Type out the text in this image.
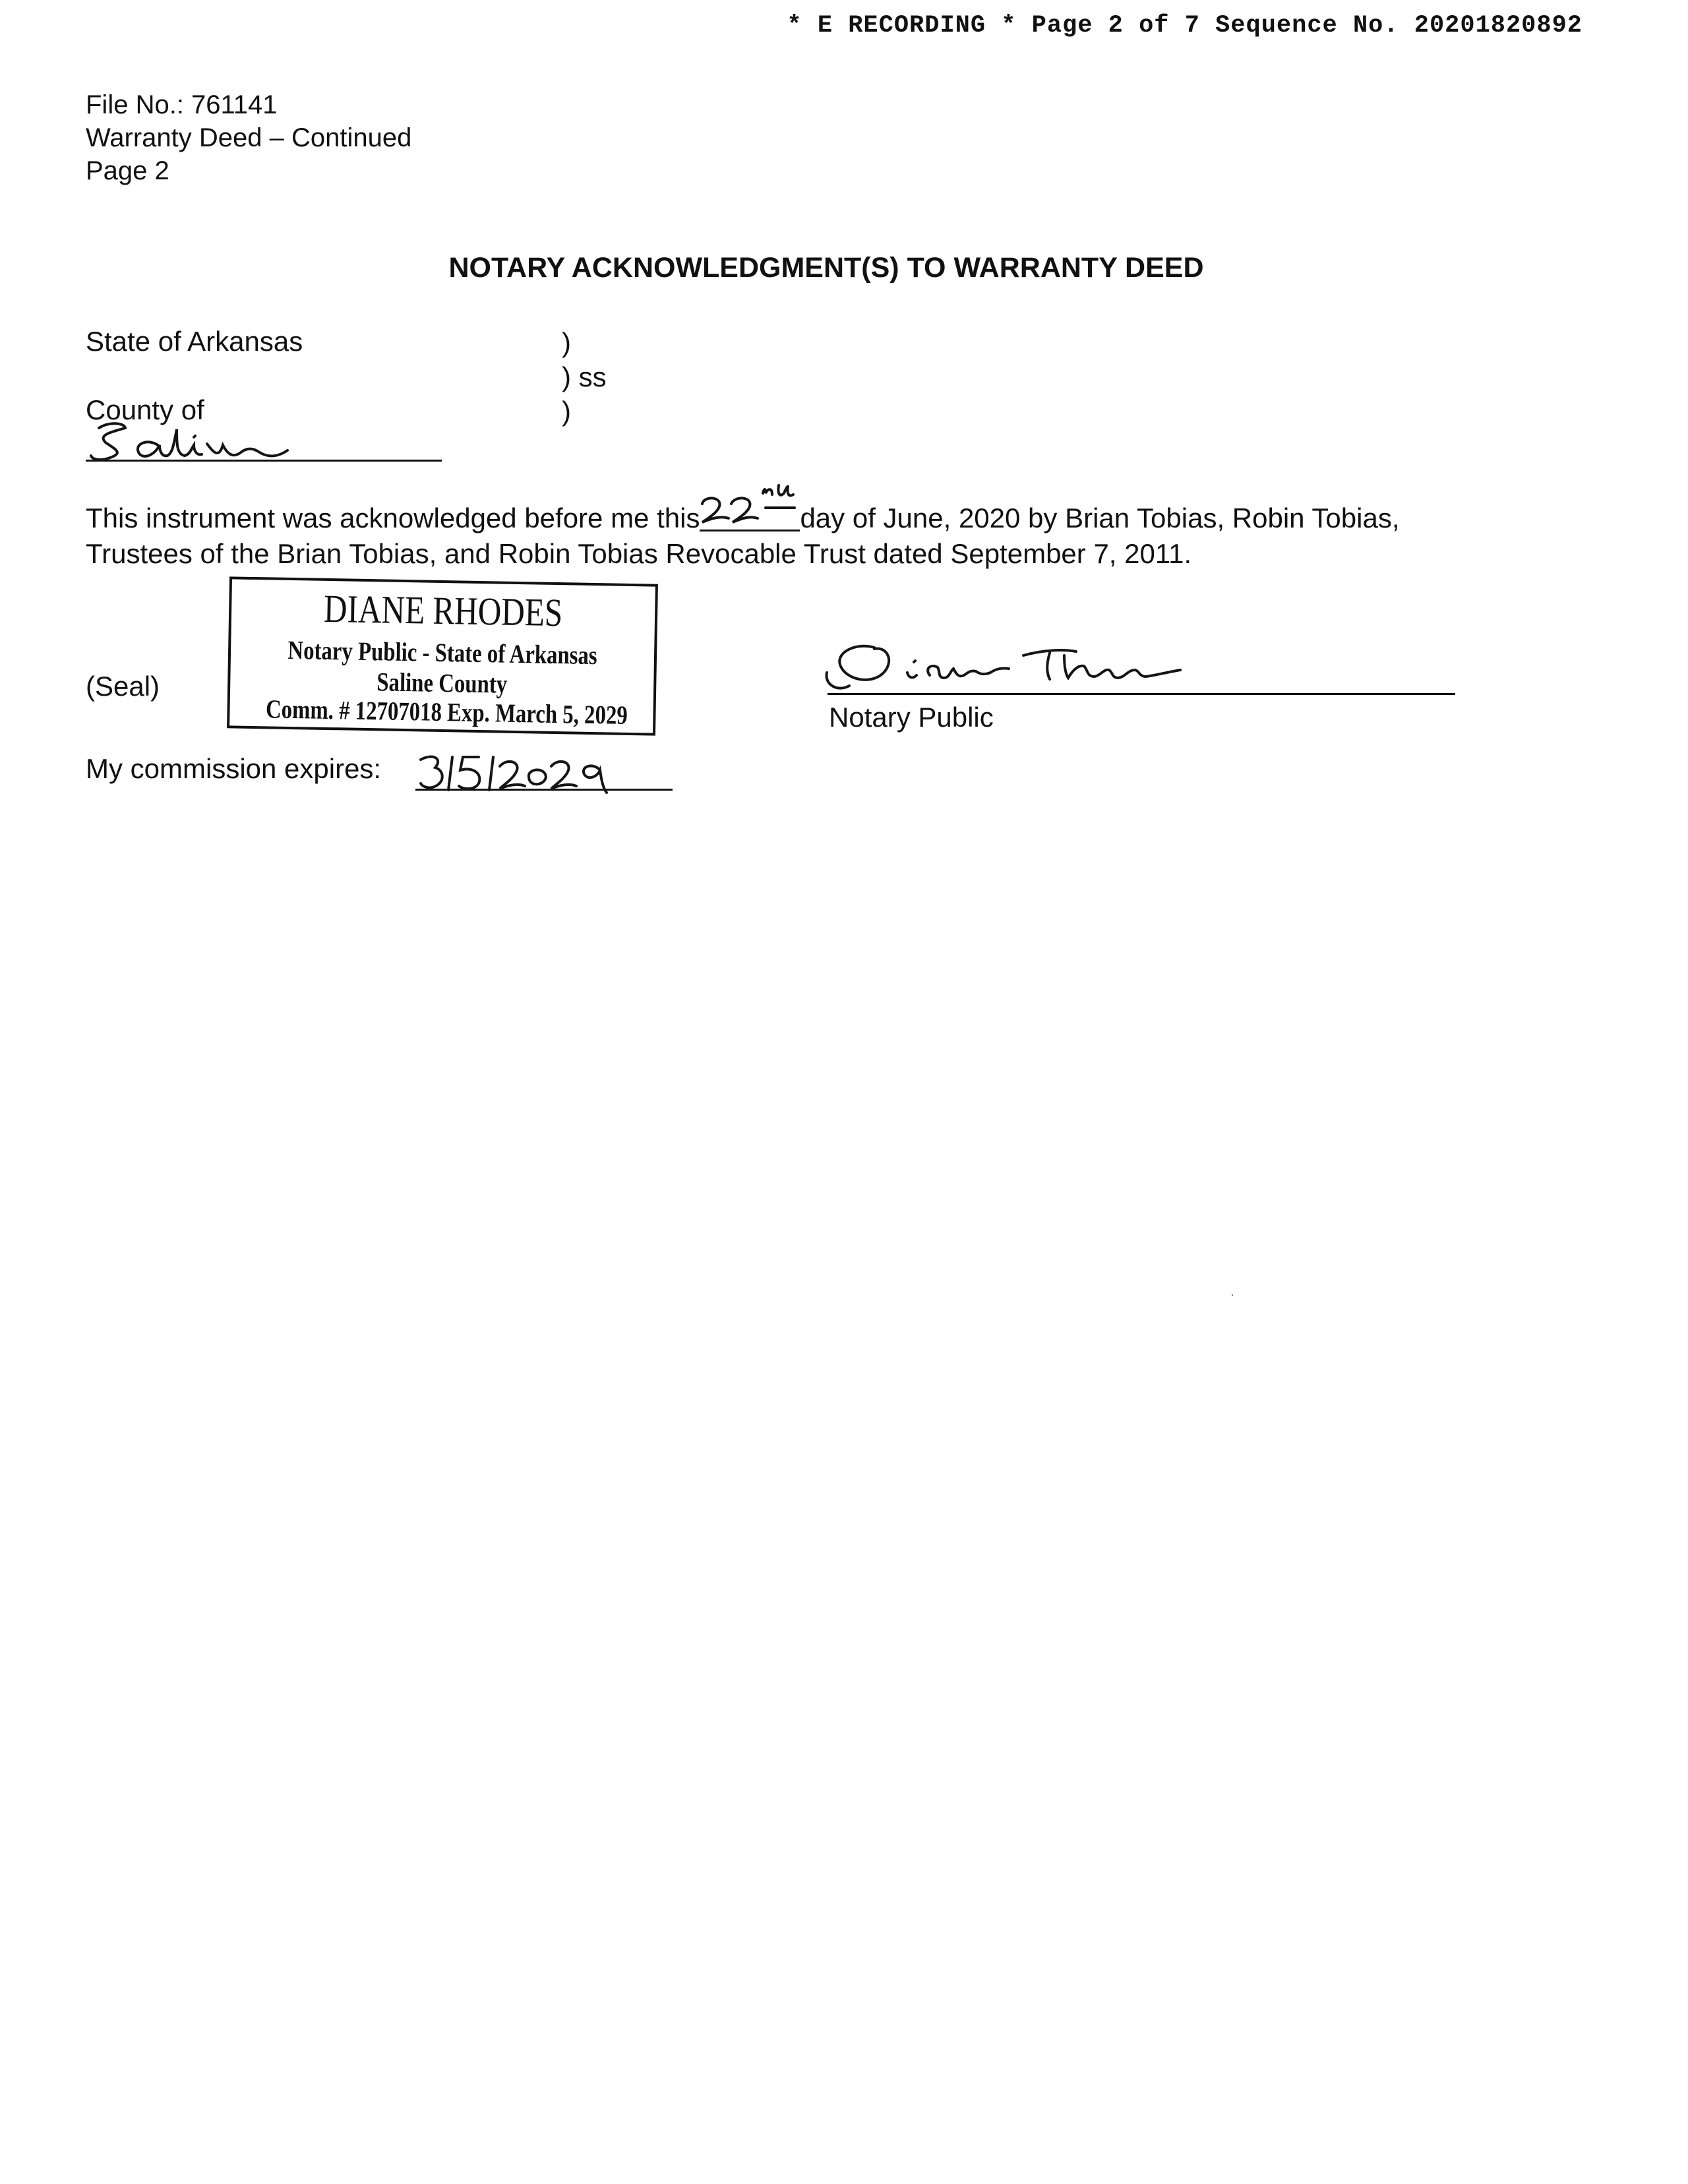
* E RECORDING * Page 2 of 7 Sequence No. 20201820892
File No.: 761141
Warranty Deed – Continued
Page 2
NOTARY ACKNOWLEDGMENT(S) TO WARRANTY DEED
State of Arkansas	)
) ss
)
County of
This instrument was acknowledged before me this	day of June, 2020 by Brian Tobias, Robin Tobias,
Trustees of the Brian Tobias, and Robin Tobias Revocable Trust dated September 7, 2011.
(Seal)
DIANE RHODES
Notary Public - State of Arkansas
Saline County
Comm. # 12707018 Exp. March 5, 2029	Notary Public
My commission expires:
